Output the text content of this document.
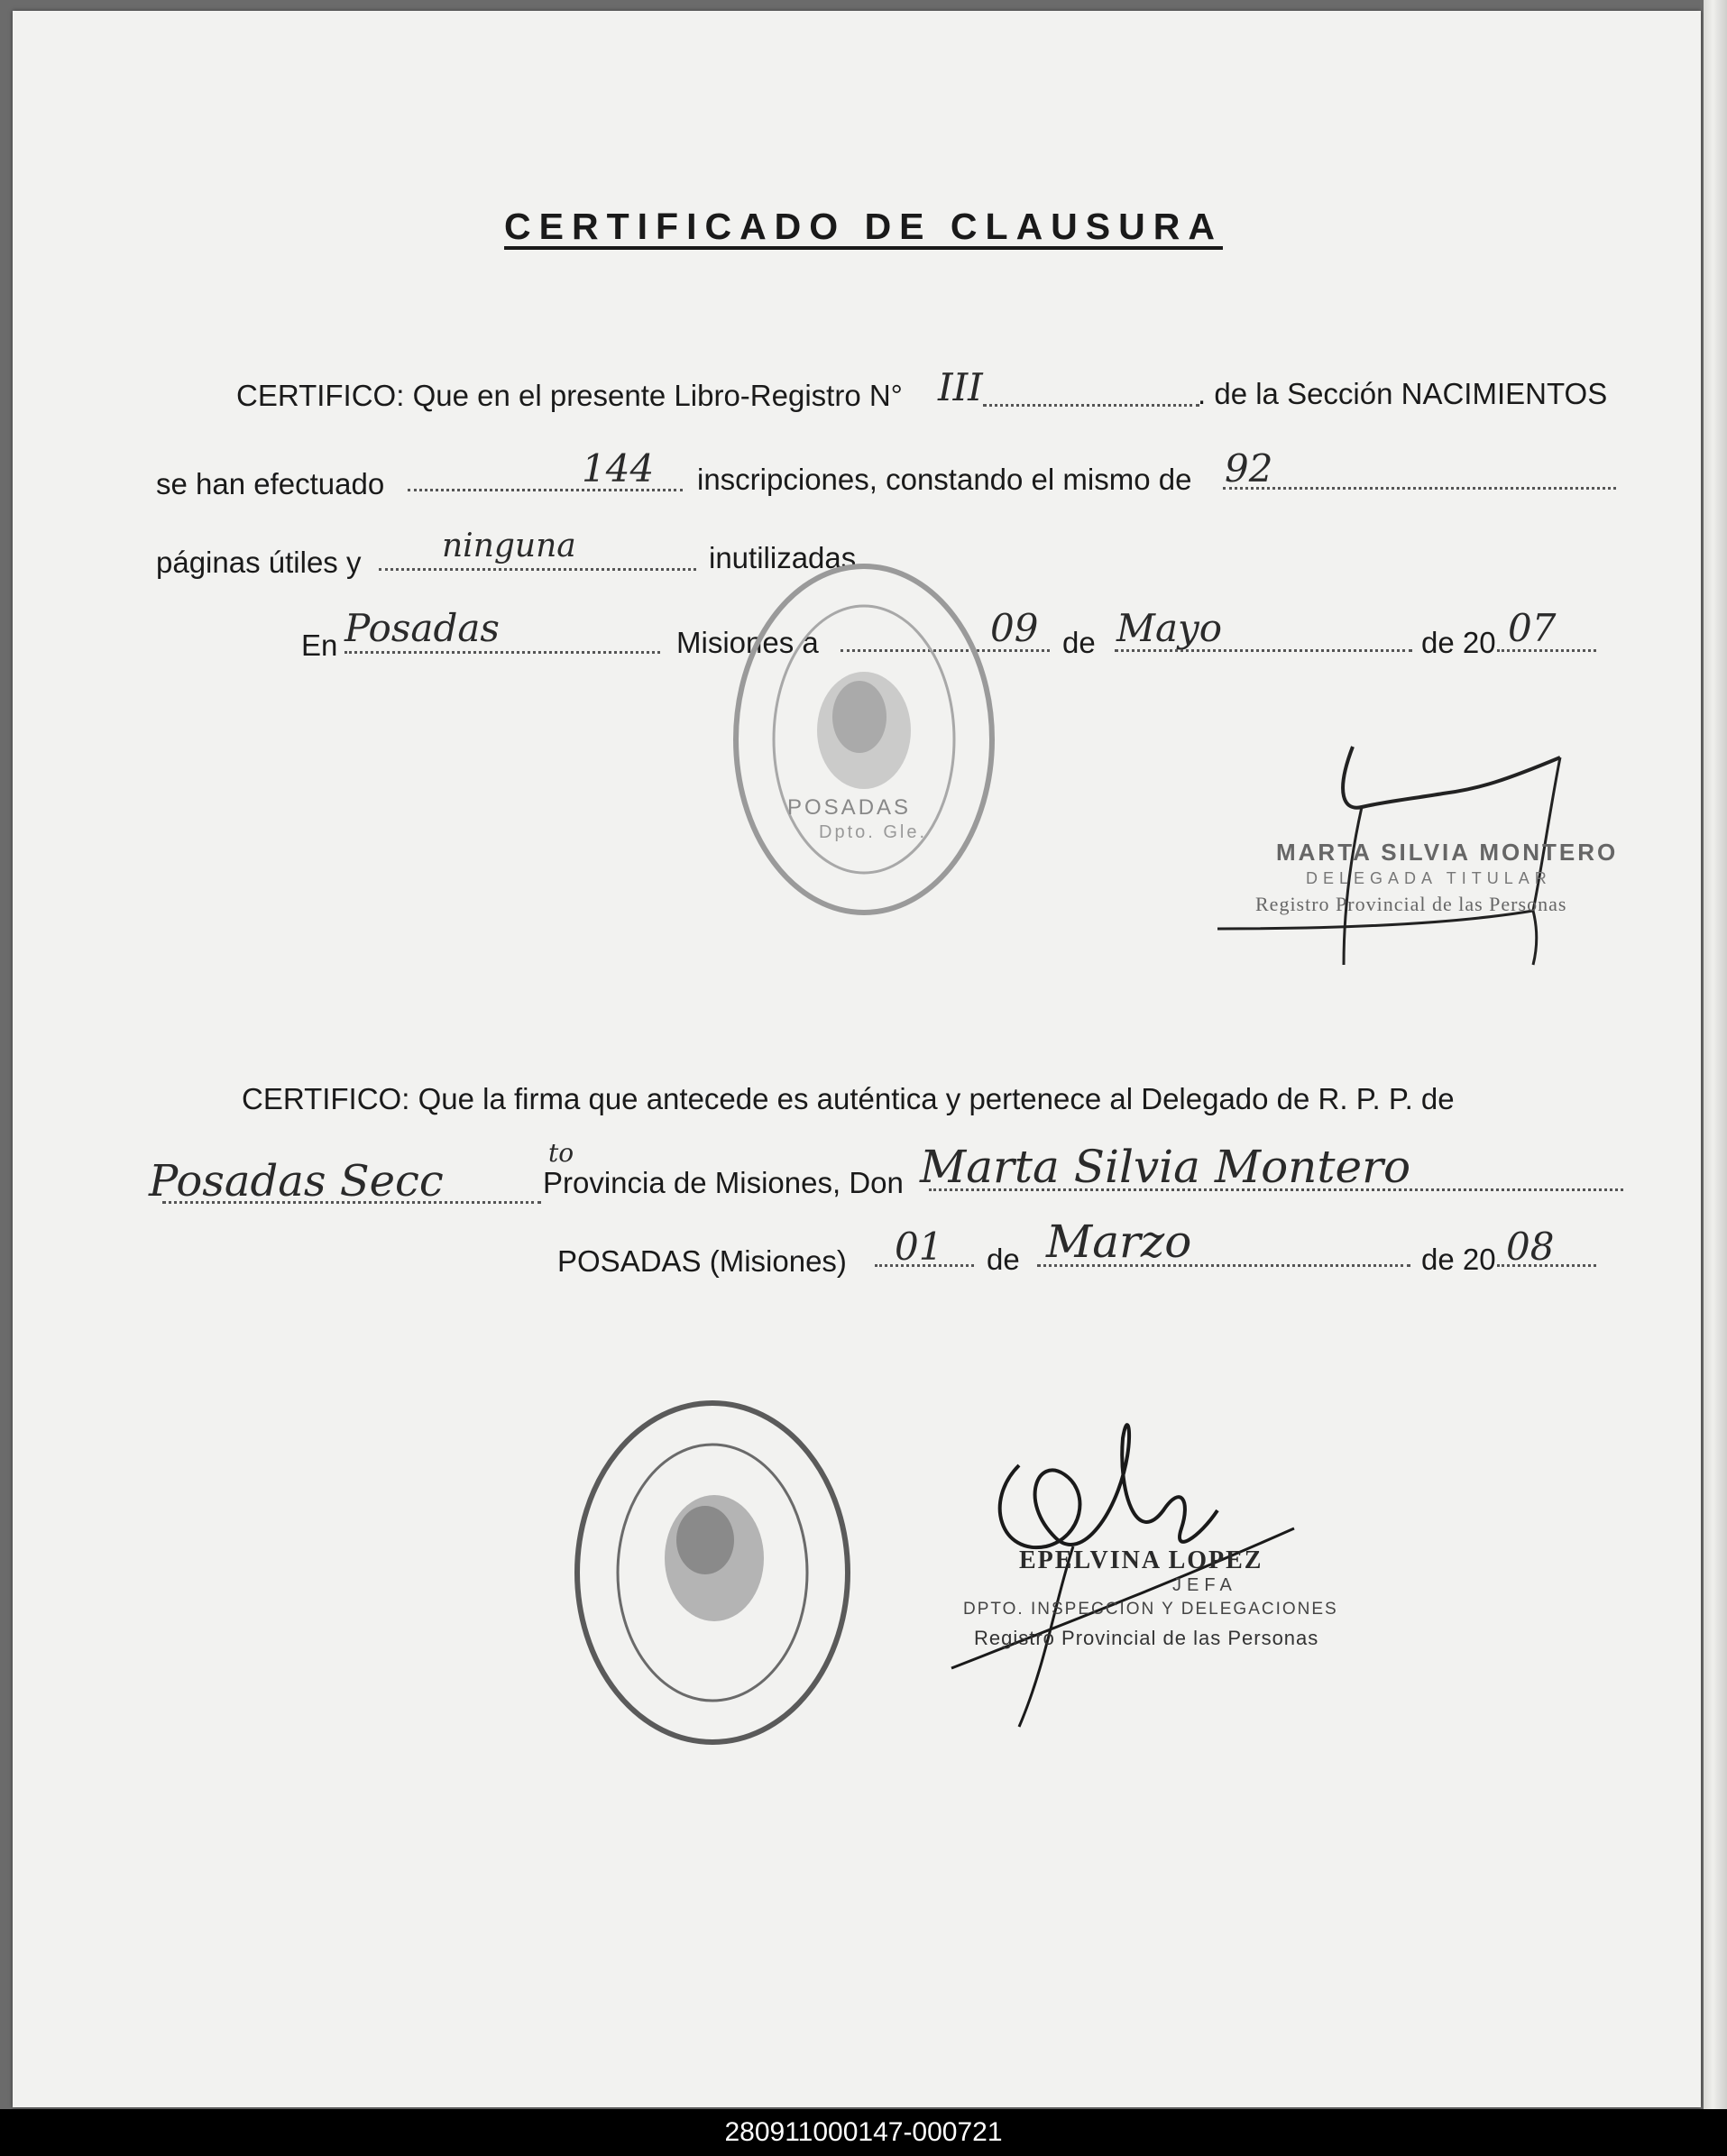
CERTIFICADO DE CLAUSURA
CERTIFICO: Que en el presente Libro-Registro N° III	. de la Sección NACIMIENTOS
se han efectuado	144 inscripciones, constando el mismo de 92
páginas útiles y ninguna	inutilizadas.
En Posadas	Misiones a	09 de Mayo	de 20 07
POSADAS
Dpto. Gle.
MARTA SILVIA MONTERO
DELEGADA TITULAR
Registro Provincial de las Personas
CERTIFICO: Que la firma que antecede es auténtica y pertenece al Delegado de R. P. P. de
Posadas Secc
to
Provincia de Misiones, Don Marta Silvia Montero
POSADAS (Misiones) 01 de Marzo	de 20 08
EPELVINA LOPEZ
JEFA
DPTO. INSPECCION Y DELEGACIONES
Registro Provincial de las Personas
280911000147-000721
